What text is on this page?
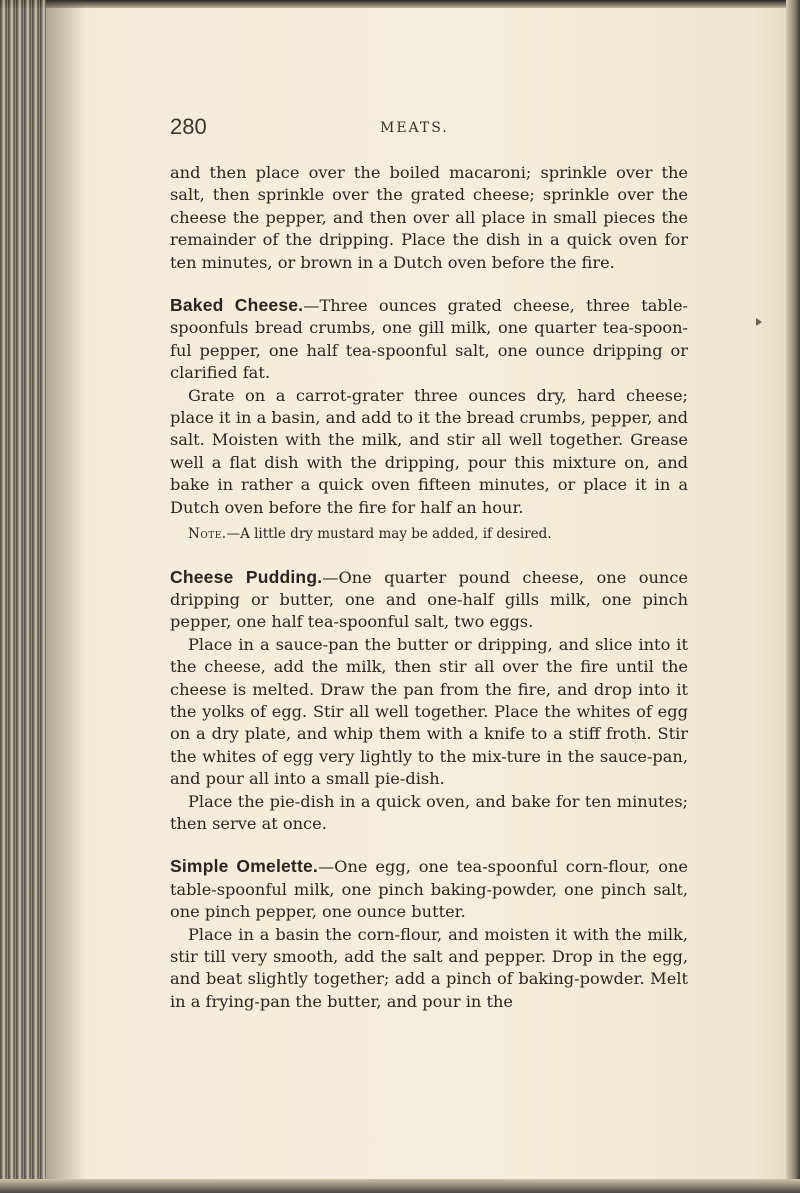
280	MEATS.

and then place over the boiled macaroni; sprinkle over the salt, then sprinkle over the grated cheese; sprinkle over the cheese the pepper, and then over all place in small pieces the remainder of the dripping. Place the dish in a quick oven for ten minutes, or brown in a Dutch oven before the fire.

Baked Cheese.—Three ounces grated cheese, three table-spoonfuls bread crumbs, one gill milk, one quarter tea-spoon-ful pepper, one half tea-spoonful salt, one ounce dripping or clarified fat.

Grate on a carrot-grater three ounces dry, hard cheese; place it in a basin, and add to it the bread crumbs, pepper, and salt. Moisten with the milk, and stir all well together. Grease well a flat dish with the dripping, pour this mixture on, and bake in rather a quick oven fifteen minutes, or place it in a Dutch oven before the fire for half an hour.

Note.—A little dry mustard may be added, if desired.

Cheese Pudding.—One quarter pound cheese, one ounce dripping or butter, one and one-half gills milk, one pinch pepper, one half tea-spoonful salt, two eggs.

Place in a sauce-pan the butter or dripping, and slice into it the cheese, add the milk, then stir all over the fire until the cheese is melted. Draw the pan from the fire, and drop into it the yolks of egg. Stir all well together. Place the whites of egg on a dry plate, and whip them with a knife to a stiff froth. Stir the whites of egg very lightly to the mix-ture in the sauce-pan, and pour all into a small pie-dish.

Place the pie-dish in a quick oven, and bake for ten minutes; then serve at once.

Simple Omelette.—One egg, one tea-spoonful corn-flour, one table-spoonful milk, one pinch baking-powder, one pinch salt, one pinch pepper, one ounce butter.

Place in a basin the corn-flour, and moisten it with the milk, stir till very smooth, add the salt and pepper. Drop in the egg, and beat slightly together; add a pinch of baking-powder. Melt in a frying-pan the butter, and pour in the
